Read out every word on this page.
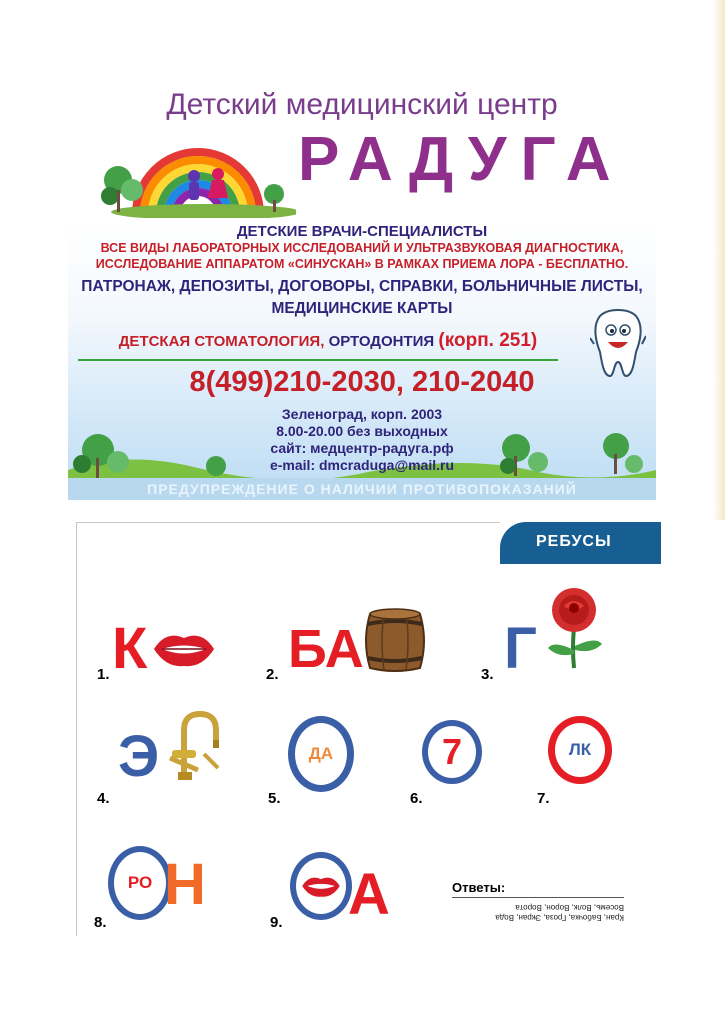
Детский медицинский центр
РАДУГА
ДЕТСКИЕ ВРАЧИ-СПЕЦИАЛИСТЫ
ВСЕ ВИДЫ ЛАБОРАТОРНЫХ ИССЛЕДОВАНИЙ И УЛЬТРАЗВУКОВАЯ ДИАГНОСТИКА,
ИССЛЕДОВАНИЕ АППАРАТОМ «СИНУСКАН» В РАМКАХ ПРИЕМА ЛОРА - БЕСПЛАТНО.
ПАТРОНАЖ, ДЕПОЗИТЫ, ДОГОВОРЫ, СПРАВКИ, БОЛЬНИЧНЫЕ ЛИСТЫ,
МЕДИЦИНСКИЕ КАРТЫ
ДЕТСКАЯ СТОМАТОЛОГИЯ, ОРТОДОНТИЯ (корп. 251)
8(499)210-2030, 210-2040
Зеленоград, корп. 2003
8.00-20.00 без выходных
сайт: медцентр-радуга.рф
e-mail: dmcraduga@mail.ru
ПРЕДУПРЕЖДЕНИЕ О НАЛИЧИИ ПРОТИВОПОКАЗАНИЙ
РЕБУСЫ
1. К	2. БА	3. Г
4.
Э
5.
ДА
6.
7
7.
ЛК
8.
РО Н
9. А	Ответы:
Кран, Бабочка, Гроза, Экран, Вода
Восемь, Волк, Ворон, Ворота
